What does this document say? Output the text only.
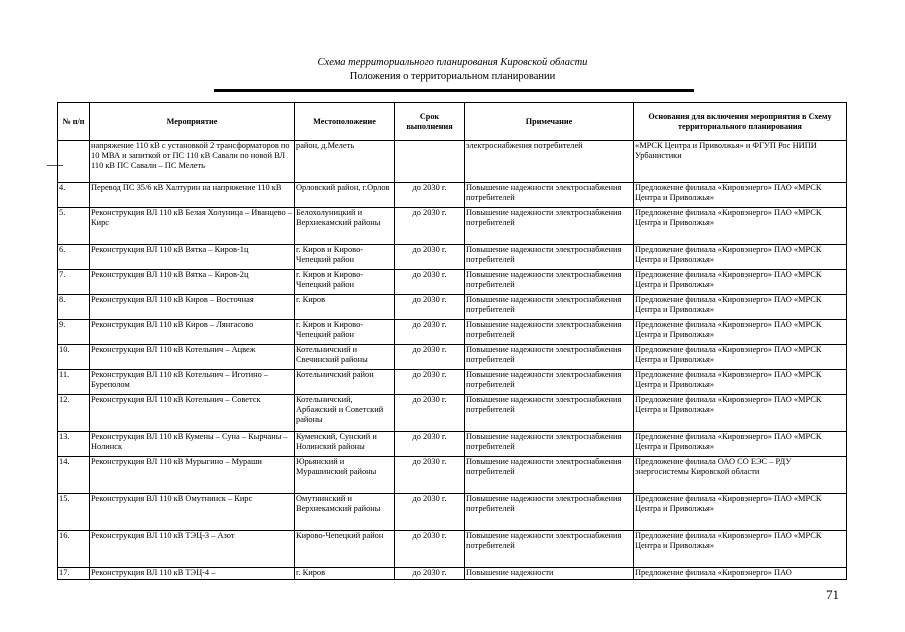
Схема территориального планирования Кировской области
Положения о территориальном планировании
№ п/п	Мероприятие	Местоположение	Срок выполнения	Примечание	Основания для включения мероприятия в Схему территориального планирования
	напряжение 110 кВ с установкой 2 трансформаторов по 10 МВА и запиткой от ПС 110 кВ Савали по новой ВЛ 110 кВ ПС Савали – ПС Мелеть	район, д.Мелеть		электроснабжения потребителей	«МРСК Центра и Приволжья» и ФГУП Рос НИПИ Урбанистики
4.	Перевод ПС 35/6 кВ Халтурин на напряжение 110 кВ	Орловский район, г.Орлов	до 2030 г.	Повышение надежности электроснабжения потребителей	Предложение филиала «Кировэнерго» ПАО «МРСК Центра и Приволжья»
5.	Реконструкция ВЛ 110 кВ Белая Холуница – Иванцево – Кирс	Белохолуницкий и Верхнекамский районы	до 2030 г.	Повышение надежности электроснабжения потребителей	Предложение филиала «Кировэнерго» ПАО «МРСК Центра и Приволжья»
6.	Реконструкция ВЛ 110 кВ Вятка – Киров-1ц	г. Киров и Кирово-Чепецкий район	до 2030 г.	Повышение надежности электроснабжения потребителей	Предложение филиала «Кировэнерго» ПАО «МРСК Центра и Приволжья»
7.	Реконструкция ВЛ 110 кВ Вятка – Киров-2ц	г. Киров и Кирово-Чепецкий район	до 2030 г.	Повышение надежности электроснабжения потребителей	Предложение филиала «Кировэнерго» ПАО «МРСК Центра и Приволжья»
8.	Реконструкция ВЛ 110 кВ Киров – Восточная	г. Киров	до 2030 г.	Повышение надежности электроснабжения потребителей	Предложение филиала «Кировэнерго» ПАО «МРСК Центра и Приволжья»
9.	Реконструкция ВЛ 110 кВ Киров – Лянгасово	г. Киров и Кирово-Чепецкий район	до 2030 г.	Повышение надежности электроснабжения потребителей	Предложение филиала «Кировэнерго» ПАО «МРСК Центра и Приволжья»
10.	Реконструкция ВЛ 110 кВ Котельнич – Ацвеж	Котельничский и Свечинский районы	до 2030 г.	Повышение надежности электроснабжения потребителей	Предложение филиала «Кировэнерго» ПАО «МРСК Центра и Приволжья»
11.	Реконструкция ВЛ 110 кВ Котельнич – Иготино – Буреполом	Котельничский район	до 2030 г.	Повышение надежности электроснабжения потребителей	Предложение филиала «Кировэнерго» ПАО «МРСК Центра и Приволжья»
12.	Реконструкция ВЛ 110 кВ Котельнич – Советск	Котельничский, Арбажский и Советский районы	до 2030 г.	Повышение надежности электроснабжения потребителей	Предложение филиала «Кировэнерго» ПАО «МРСК Центра и Приволжья»
13.	Реконструкция ВЛ 110 кВ Кумены – Суна – Кырчаны – Нолинск	Куменский, Сунский и Нолинский районы	до 2030 г.	Повышение надежности электроснабжения потребителей	Предложение филиала «Кировэнерго» ПАО «МРСК Центра и Приволжья»
14.	Реконструкция ВЛ 110 кВ Мурыгино – Мураши	Юрьянский и Мурашинский районы	до 2030 г.	Повышение надежности электроснабжения потребителей	Предложение филиала ОАО СО ЕЭС – РДУ энергосистемы Кировской области
15.	Реконструкция ВЛ 110 кВ Омутнинск – Кирс	Омутнинский и Верхнекамский районы	до 2030 г.	Повышение надежности электроснабжения потребителей	Предложение филиала «Кировэнерго» ПАО «МРСК Центра и Приволжья»
16.	Реконструкция ВЛ 110 кВ ТЭЦ-3 – Азот	Кирово-Чепецкий район	до 2030 г.	Повышение надежности электроснабжения потребителей	Предложение филиала «Кировэнерго» ПАО «МРСК Центра и Приволжья»
17.	Реконструкция ВЛ 110 кВ ТЭЦ-4 –	г. Киров	до 2030 г.	Повышение надежности	Предложение филиала «Кировэнерго» ПАО
71
